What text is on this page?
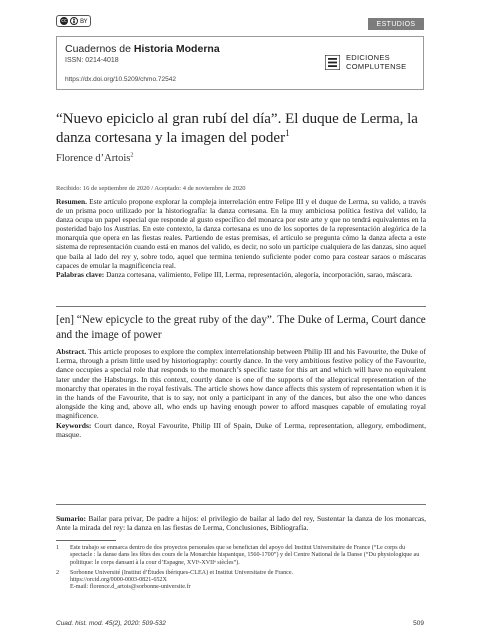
cc BY	ESTUDIOS
Cuadernos de Historia Moderna
ISSN: 0214-4018
https://dx.doi.org/10.5209/chmo.72542
EDICIONES
COMPLUTENSE
“Nuevo epiciclo al gran rubí del día”. El duque de Lerma, la danza cortesana y la imagen del poder$^1$
Florence d’Artois$^2$
Recibido: 16 de septiembre de 2020 / Aceptado: 4 de noviembre de 2020
Resumen. Este artículo propone explorar la compleja interrelación entre Felipe III y el duque de Lerma, su valido, a través de un prisma poco utilizado por la historiografía: la danza cortesana. En la muy ambiciosa política festiva del valido, la danza ocupa un papel especial que responde al gusto específico del monarca por este arte y que no tendrá equivalentes en la posteridad bajo los Austrias. En este contexto, la danza cortesana es uno de los soportes de la representación alegórica de la monarquía que opera en las fiestas reales. Partiendo de estas premisas, el artículo se pregunta cómo la danza afecta a este sistema de representación cuando está en manos del valido, es decir, no solo un partícipe cualquiera de las danzas, sino aquel que baila al lado del rey y, sobre todo, aquel que termina teniendo suficiente poder como para costear saraos o máscaras capaces de emular la magnificencia real.
Palabras clave: Danza cortesana, valimiento, Felipe III, Lerma, representación, alegoría, incorporación, sarao, máscara.
[en] “New epicycle to the great ruby of the day”. The Duke of Lerma, Court dance and the image of power
Abstract. This article proposes to explore the complex interrelationship between Philip III and his Favourite, the Duke of Lerma, through a prism little used by historiography: courtly dance. In the very ambitious festive policy of the Favourite, dance occupies a special role that responds to the monarch’s specific taste for this art and which will have no equivalent later under the Habsburgs. In this context, courtly dance is one of the supports of the allegorical representation of the monarchy that operates in the royal festivals. The article shows how dance affects this system of representation when it is in the hands of the Favourite, that is to say, not only a participant in any of the dances, but also the one who dances alongside the king and, above all, who ends up having enough power to afford masques capable of emulating royal magnificence.
Keywords: Court dance, Royal Favourite, Philip III of Spain, Duke of Lerma, representation, allegory, embodiment, masque.
Sumario: Bailar para privar, De padre a hijos: el privilegio de bailar al lado del rey, Sustentar la danza de los monarcas, Ante la mirada del rey: la danza en las fiestas de Lerma, Conclusiones, Bibliografía.
1	Este trabajo se enmarca dentro de dos proyectos personales que se benefician del apoyo del Institut Universitaire de France (“Le corps du spectacle : la danse dans les fêtes des cours de la Monarchie hispanique, 1560-1700”) y del Centre National de la Danse (“Du physiologique au politique: le corps dansant à la cour d’Espagne, XVIᵉ-XVIIᵉ siècles”).
2	Sorbonne Université (Institut d’Études ibériques-CLEA) et Institut Universitaire de France.
https://orcid.org/0000-0003-0821-652X
E-mail: florence.d_artois@sorbonne-universite.fr
Cuad. hist. mod. 45(2), 2020: 509-532	509
